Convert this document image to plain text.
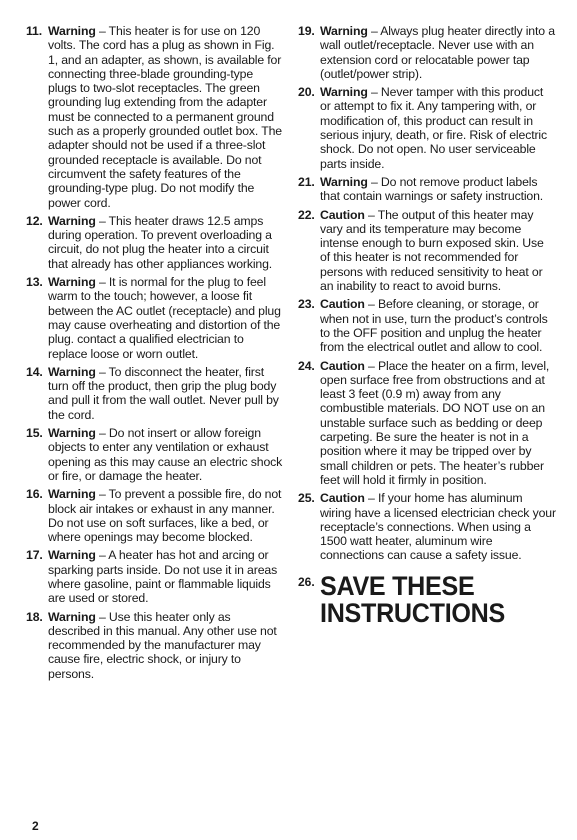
11. Warning – This heater is for use on 120 volts. The cord has a plug as shown in Fig. 1, and an adapter, as shown, is available for connecting three-blade grounding-type plugs to two-slot receptacles. The green grounding lug extending from the adapter must be connected to a permanent ground such as a properly grounded outlet box. The adapter should not be used if a three-slot grounded receptacle is available. Do not circumvent the safety features of the grounding-type plug. Do not modify the power cord.
12. Warning – This heater draws 12.5 amps during operation. To prevent overloading a circuit, do not plug the heater into a circuit that already has other appliances working.
13. Warning – It is normal for the plug to feel warm to the touch; however, a loose fit between the AC outlet (receptacle) and plug may cause overheating and distortion of the plug. contact a qualified electrician to replace loose or worn outlet.
14. Warning – To disconnect the heater, first turn off the product, then grip the plug body and pull it from the wall outlet. Never pull by the cord.
15. Warning – Do not insert or allow foreign objects to enter any ventilation or exhaust opening as this may cause an electric shock or fire, or damage the heater.
16. Warning – To prevent a possible fire, do not block air intakes or exhaust in any manner. Do not use on soft surfaces, like a bed, or where openings may become blocked.
17. Warning – A heater has hot and arcing or sparking parts inside. Do not use it in areas where gasoline, paint or flammable liquids are used or stored.
18. Warning – Use this heater only as described in this manual. Any other use not recommended by the manufacturer may cause fire, electric shock, or injury to persons.
19. Warning – Always plug heater directly into a wall outlet/receptacle. Never use with an extension cord or relocatable power tap (outlet/power strip).
20. Warning – Never tamper with this product or attempt to fix it. Any tampering with, or modification of, this product can result in serious injury, death, or fire. Risk of electric shock. Do not open. No user serviceable parts inside.
21. Warning – Do not remove product labels that contain warnings or safety instruction.
22. Caution – The output of this heater may vary and its temperature may become intense enough to burn exposed skin. Use of this heater is not recommended for persons with reduced sensitivity to heat or an inability to react to avoid burns.
23. Caution – Before cleaning, or storage, or when not in use, turn the product’s controls to the OFF position and unplug the heater from the electrical outlet and allow to cool.
24. Caution – Place the heater on a firm, level, open surface free from obstructions and at least 3 feet (0.9 m) away from any combustible materials. DO NOT use on an unstable surface such as bedding or deep carpeting. Be sure the heater is not in a position where it may be tripped over by small children or pets. The heater’s rubber feet will hold it firmly in position.
25. Caution – If your home has aluminum wiring have a licensed electrician check your receptacle’s connections. When using a 1500 watt heater, aluminum wire connections can cause a safety issue.
26. SAVE THESE
INSTRUCTIONS
2
